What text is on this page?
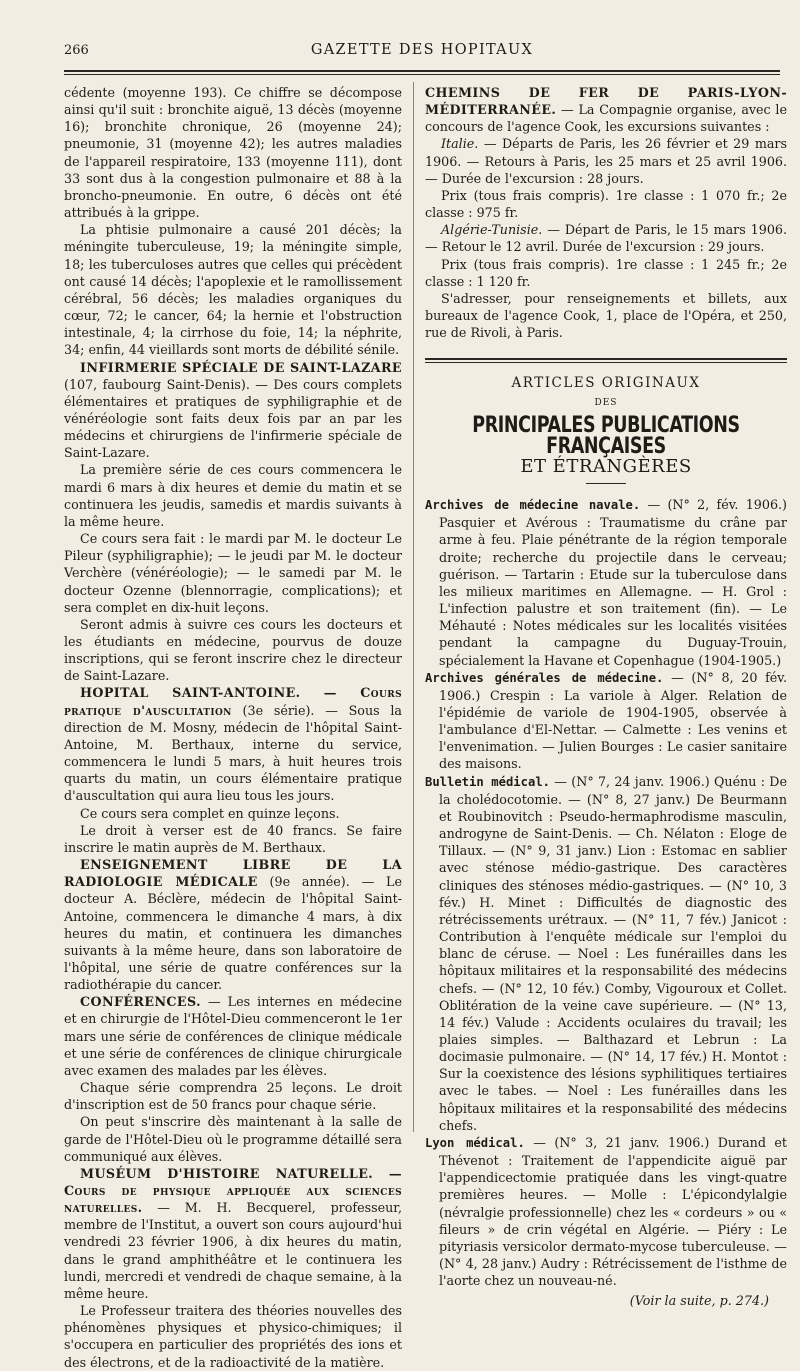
266	GAZETTE DES HOPITAUX

cédente (moyenne 193). Ce chiffre se décompose ainsi qu'il suit : bronchite aiguë, 13 décès (moyenne 16); bronchite chronique, 26 (moyenne 24); pneumonie, 31 (moyenne 42); les autres maladies de l'appareil respiratoire, 133 (moyenne 111), dont 33 sont dus à la congestion pulmonaire et 88 à la broncho-pneumonie. En outre, 6 décès ont été attribués à la grippe.

La phtisie pulmonaire a causé 201 décès; la méningite tuberculeuse, 19; la méningite simple, 18; les tuberculoses autres que celles qui précèdent ont causé 14 décès; l'apoplexie et le ramollissement cérébral, 56 décès; les maladies organiques du cœur, 72; le cancer, 64; la hernie et l'obstruction intestinale, 4; la cirrhose du foie, 14; la néphrite, 34; enfin, 44 vieillards sont morts de débilité sénile.

INFIRMERIE SPÉCIALE DE SAINT-LAZARE (107, faubourg Saint-Denis). — Des cours complets élémentaires et pratiques de syphiligraphie et de vénéréologie sont faits deux fois par an par les médecins et chirurgiens de l'infirmerie spéciale de Saint-Lazare.

La première série de ces cours commencera le mardi 6 mars à dix heures et demie du matin et se continuera les jeudis, samedis et mardis suivants à la même heure.

Ce cours sera fait : le mardi par M. le docteur Le Pileur (syphiligraphie); — le jeudi par M. le docteur Verchère (vénéréologie); — le samedi par M. le docteur Ozenne (blennorragie, complications); et sera complet en dix-huit leçons.

Seront admis à suivre ces cours les docteurs et les étudiants en médecine, pourvus de douze inscriptions, qui se feront inscrire chez le directeur de Saint-Lazare.

HOPITAL SAINT-ANTOINE. — Cours pratique d'auscultation (3e série). — Sous la direction de M. Mosny, médecin de l'hôpital Saint-Antoine, M. Berthaux, interne du service, commencera le lundi 5 mars, à huit heures trois quarts du matin, un cours élémentaire pratique d'auscultation qui aura lieu tous les jours.

Ce cours sera complet en quinze leçons.

Le droit à verser est de 40 francs. Se faire inscrire le matin auprès de M. Berthaux.

ENSEIGNEMENT LIBRE DE LA RADIOLOGIE MÉDICALE (9e année). — Le docteur A. Béclère, médecin de l'hôpital Saint-Antoine, commencera le dimanche 4 mars, à dix heures du matin, et continuera les dimanches suivants à la même heure, dans son laboratoire de l'hôpital, une série de quatre conférences sur la radiothérapie du cancer.

CONFÉRENCES. — Les internes en médecine et en chirurgie de l'Hôtel-Dieu commenceront le 1er mars une série de conférences de clinique médicale et une série de conférences de clinique chirurgicale avec examen des malades par les élèves.

Chaque série comprendra 25 leçons. Le droit d'inscription est de 50 francs pour chaque série.

On peut s'inscrire dès maintenant à la salle de garde de l'Hôtel-Dieu où le programme détaillé sera communiqué aux élèves.

MUSÉUM D'HISTOIRE NATURELLE. — Cours de physique appliquée aux sciences naturelles. — M. H. Becquerel, professeur, membre de l'Institut, a ouvert son cours aujourd'hui vendredi 23 février 1906, à dix heures du matin, dans le grand amphithéâtre et le continuera les lundi, mercredi et vendredi de chaque semaine, à la même heure.

Le Professeur traitera des théories nouvelles des phénomènes physiques et physico-chimiques; il s'occupera en particulier des propriétés des ions et des électrons, et de la radioactivité de la matière.

CHEMINS DE FER DE PARIS-LYON-MÉDITERRANÉE. — La Compagnie organise, avec le concours de l'agence Cook, les excursions suivantes :

Italie. — Départs de Paris, les 26 février et 29 mars 1906. — Retours à Paris, les 25 mars et 25 avril 1906. — Durée de l'excursion : 28 jours.

Prix (tous frais compris). 1re classe : 1 070 fr.; 2e classe : 975 fr.

Algérie-Tunisie. — Départ de Paris, le 15 mars 1906. — Retour le 12 avril. Durée de l'excursion : 29 jours.

Prix (tous frais compris). 1re classe : 1 245 fr.; 2e classe : 1 120 fr.

S'adresser, pour renseignements et billets, aux bureaux de l'agence Cook, 1, place de l'Opéra, et 250, rue de Rivoli, à Paris.

ARTICLES ORIGINAUX
DES
PRINCIPALES PUBLICATIONS FRANÇAISES
ET ÉTRANGÈRES

Archives de médecine navale. — (N° 2, fév. 1906.) Pasquier et Avérous : Traumatisme du crâne par arme à feu. Plaie pénétrante de la région temporale droite; recherche du projectile dans le cerveau; guérison. — Tartarin : Etude sur la tuberculose dans les milieux maritimes en Allemagne. — H. Grol : L'infection palustre et son traitement (fin). — Le Méhauté : Notes médicales sur les localités visitées pendant la campagne du Duguay-Trouin, spécialement la Havane et Copenhague (1904-1905.)

Archives générales de médecine. — (N° 8, 20 fév. 1906.) Crespin : La variole à Alger. Relation de l'épidémie de variole de 1904-1905, observée à l'ambulance d'El-Nettar. — Calmette : Les venins et l'envenimation. — Julien Bourges : Le casier sanitaire des maisons.

Bulletin médical. — (N° 7, 24 janv. 1906.) Quénu : De la cholédocotomie. — (N° 8, 27 janv.) De Beurmann et Roubinovitch : Pseudo-hermaphrodisme masculin, androgyne de Saint-Denis. — Ch. Nélaton : Eloge de Tillaux. — (N° 9, 31 janv.) Lion : Estomac en sablier avec sténose médio-gastrique. Des caractères cliniques des sténoses médio-gastriques. — (N° 10, 3 fév.) H. Minet : Difficultés de diagnostic des rétrécissements urétraux. — (N° 11, 7 fév.) Janicot : Contribution à l'enquête médicale sur l'emploi du blanc de céruse. — Noel : Les funérailles dans les hôpitaux militaires et la responsabilité des médecins chefs. — (N° 12, 10 fév.) Comby, Vigouroux et Collet. Oblitération de la veine cave supérieure. — (N° 13, 14 fév.) Valude : Accidents oculaires du travail; les plaies simples. — Balthazard et Lebrun : La docimasie pulmonaire. — (N° 14, 17 fév.) H. Montot : Sur la coexistence des lésions syphilitiques tertiaires avec le tabes. — Noel : Les funérailles dans les hôpitaux militaires et la responsabilité des médecins chefs.

Lyon médical. — (N° 3, 21 janv. 1906.) Durand et Thévenot : Traitement de l'appendicite aiguë par l'appendicectomie pratiquée dans les vingt-quatre premières heures. — Molle : L'épicondylalgie (névralgie professionnelle) chez les « cordeurs » ou « fileurs » de crin végétal en Algérie. — Piéry : Le pityriasis versicolor dermato-mycose tuberculeuse. — (N° 4, 28 janv.) Audry : Rétrécissement de l'isthme de l'aorte chez un nouveau-né.

(Voir la suite, p. 274.)
